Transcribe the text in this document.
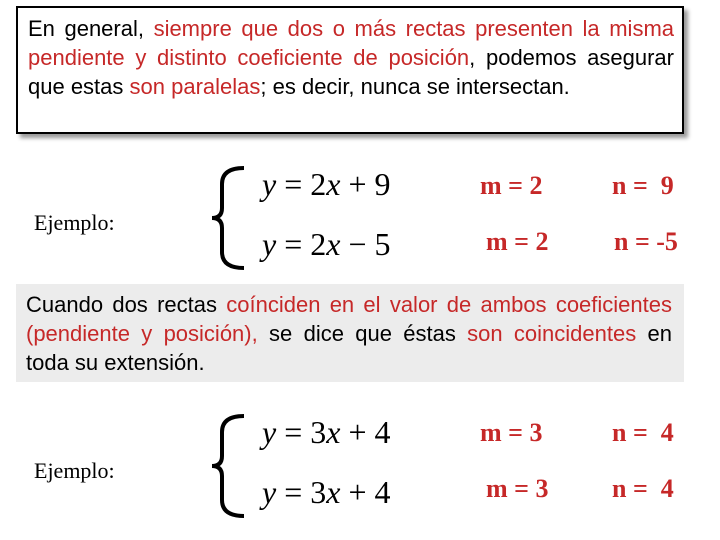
En general, siempre que dos o más rectas presenten la misma pendiente y distinto coeficiente de posición, podemos asegurar que estas son paralelas; es decir, nunca se intersectan.
Ejemplo:
y = 2x + 9
y = 2x − 5
m = 2	n =  9
m = 2	n = -5
Cuando dos rectas coínciden en el valor de ambos coeficientes (pendiente y posición), se dice que éstas son coincidentes en toda su extensión.
Ejemplo:
y = 3x + 4
y = 3x + 4
m = 3	n =  4
m = 3 n =  4
